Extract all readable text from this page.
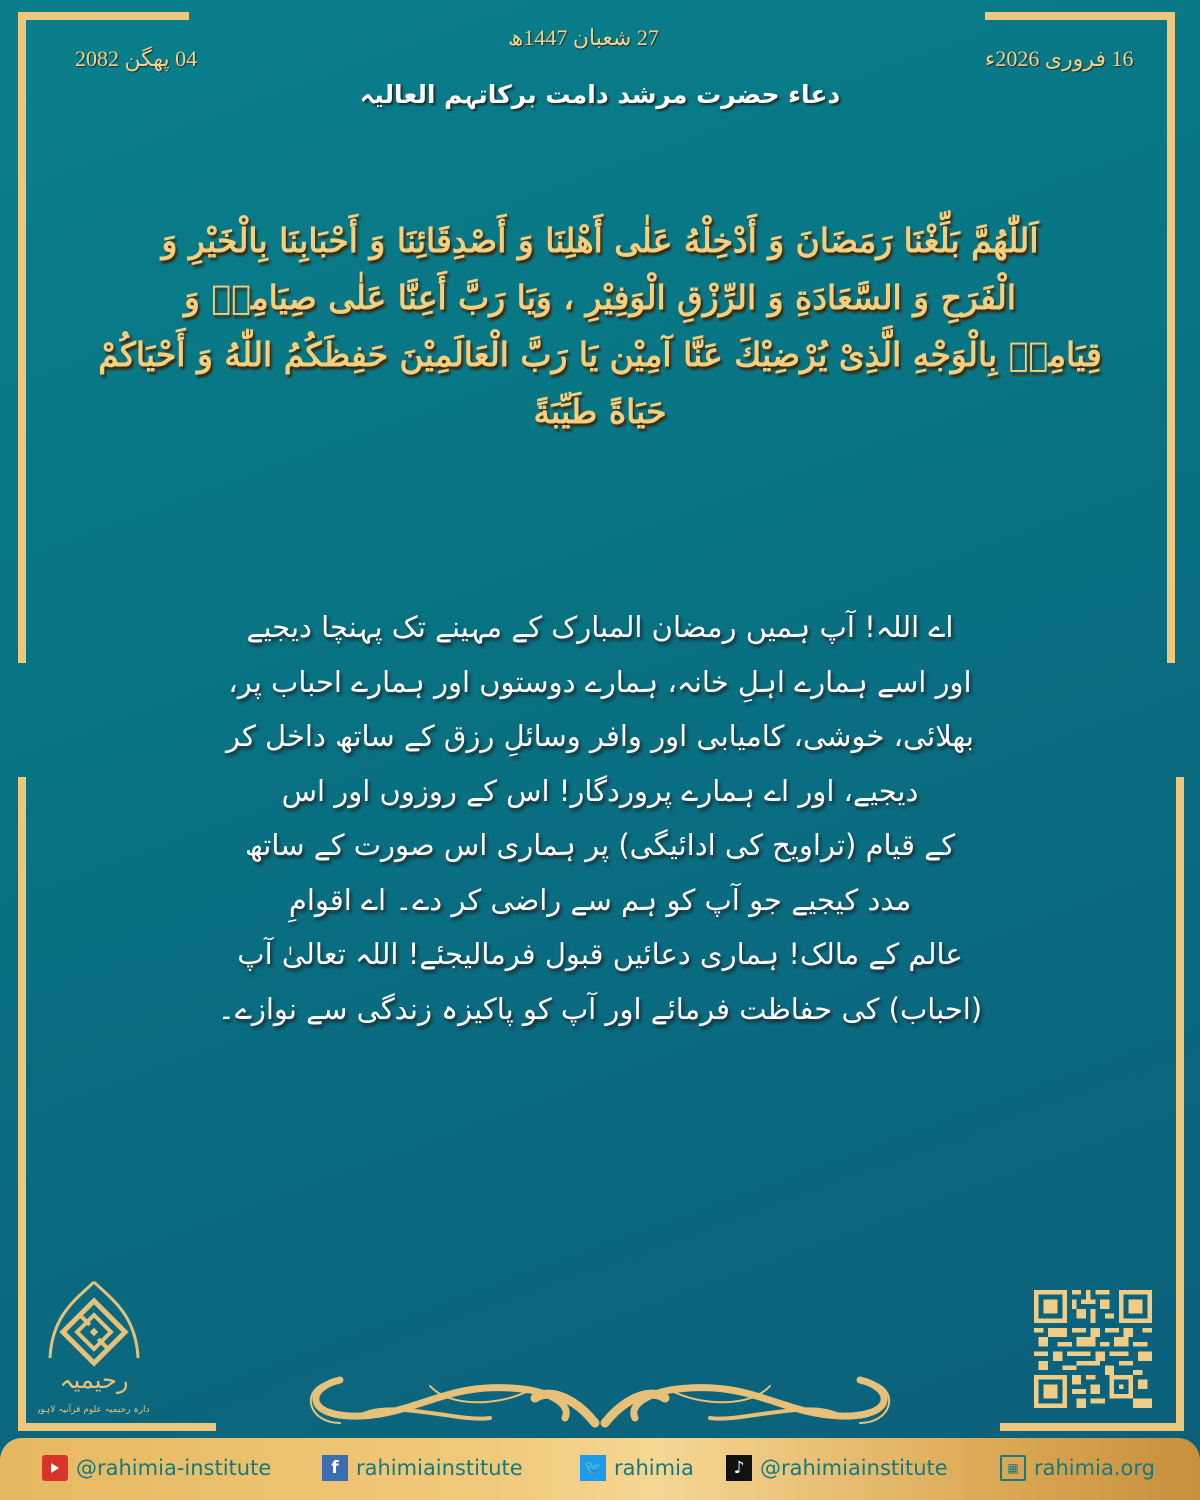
04 پھگن 2082
27 شعبان 1447ھ
16 فروری 2026ء
دعاء حضرت مرشد دامت برکاتہم العالیہ
اَللّٰهُمَّ بَلِّغْنَا رَمَضَانَ وَ أَدْخِلْهُ عَلٰى أَهْلِنَا وَ أَصْدِقَائِنَا وَ أَحْبَابِنَا بِالْخَيْرِ وَ
الْفَرَحِ وَ السَّعَادَةِ وَ الرِّزْقِ الْوَفِيْرِ ، وَيَا رَبَّ أَعِنَّا عَلٰى صِيَامِهٖ وَ
قِيَامِهٖ بِالْوَجْهِ الَّذِىْ يُرْضِيْكَ عَنَّا آمِيْن يَا رَبَّ الْعَالَمِيْنَ حَفِظَكُمُ اللّٰهُ وَ أَحْيَاكُمْ
حَيَاةً طَيِّبَةً
اے اللہ! آپ ہمیں رمضان المبارک کے مہینے تک پہنچا دیجیے
اور اسے ہمارے اہلِ خانہ، ہمارے دوستوں اور ہمارے احباب پر،
بھلائی، خوشی، کامیابی اور وافر وسائلِ رزق کے ساتھ داخل کر
دیجیے، اور اے ہمارے پروردگار! اس کے روزوں اور اس
کے قیام (تراویح کی ادائیگی) پر ہماری اس صورت کے ساتھ
مدد کیجیے جو آپ کو ہم سے راضی کر دے۔ اے اقوامِ
عالم کے مالک! ہماری دعائیں قبول فرمالیجئے! اللہ تعالیٰ آپ
(احباب) کی حفاظت فرمائے اور آپ کو پاکیزہ زندگی سے نوازے۔
رحیمیہ
ادارہ رحیمیہ علوم قرآنیہ لاہور
@rahimia-institute	f rahimiainstitute	🐦 rahimia	♪ @rahimiainstitute	▦ rahimia.org
